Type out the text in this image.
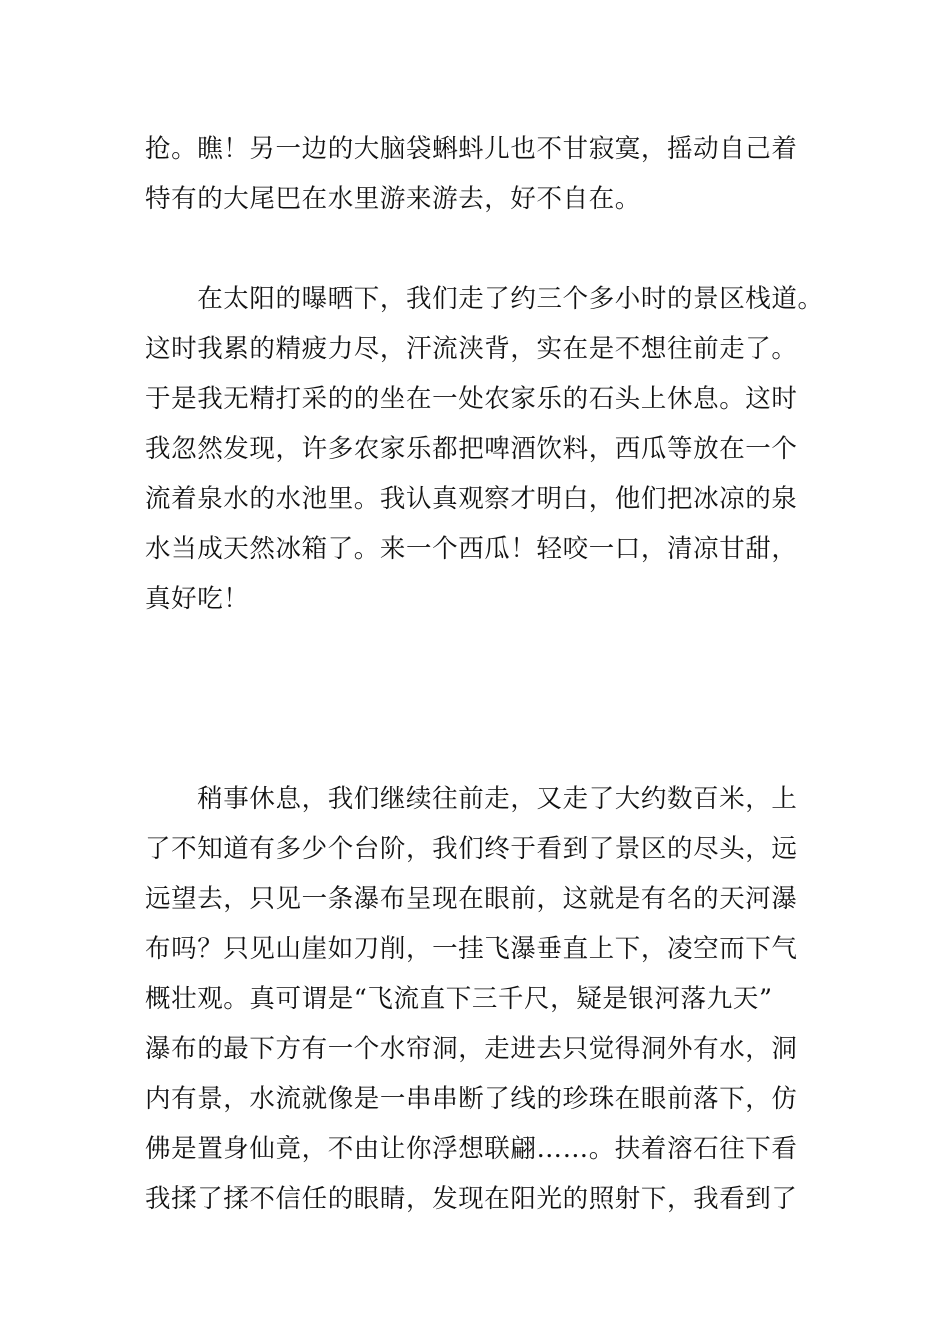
抢。瞧！另一边的大脑袋蝌蚪儿也不甘寂寞，摇动自己着
特有的大尾巴在水里游来游去，好不自在。
　　在太阳的曝晒下，我们走了约三个多小时的景区栈道。
这时我累的精疲力尽，汗流浃背，实在是不想往前走了。
于是我无精打采的的坐在一处农家乐的石头上休息。这时
我忽然发现，许多农家乐都把啤酒饮料，西瓜等放在一个
流着泉水的水池里。我认真观察才明白，他们把冰凉的泉
水当成天然冰箱了。来一个西瓜！轻咬一口，清凉甘甜，
真好吃！
　　稍事休息，我们继续往前走，又走了大约数百米，上
了不知道有多少个台阶，我们终于看到了景区的尽头，远
远望去，只见一条瀑布呈现在眼前，这就是有名的天河瀑
布吗？只见山崖如刀削，一挂飞瀑垂直上下，凌空而下气
概壮观。真可谓是“飞流直下三千尺，疑是银河落九天”
瀑布的最下方有一个水帘洞，走进去只觉得洞外有水，洞
内有景，水流就像是一串串断了线的珍珠在眼前落下，仿
佛是置身仙竟，不由让你浮想联翩……。扶着溶石往下看
我揉了揉不信任的眼睛，发现在阳光的照射下，我看到了
